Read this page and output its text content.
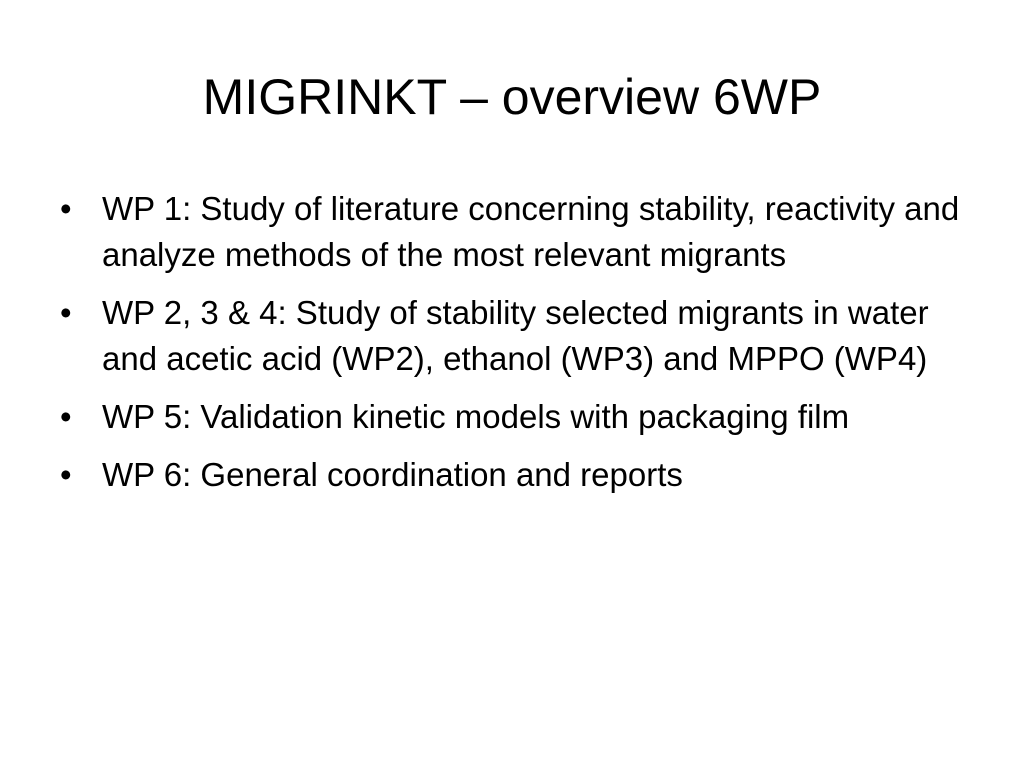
MIGRINKT – overview 6WP
• WP 1: Study of literature concerning stability, reactivity and analyze methods of the most relevant migrants
• WP 2, 3 & 4: Study of stability selected migrants in water and acetic acid (WP2), ethanol (WP3) and MPPO (WP4)
• WP 5: Validation kinetic models with packaging film
• WP 6: General coordination and reports
